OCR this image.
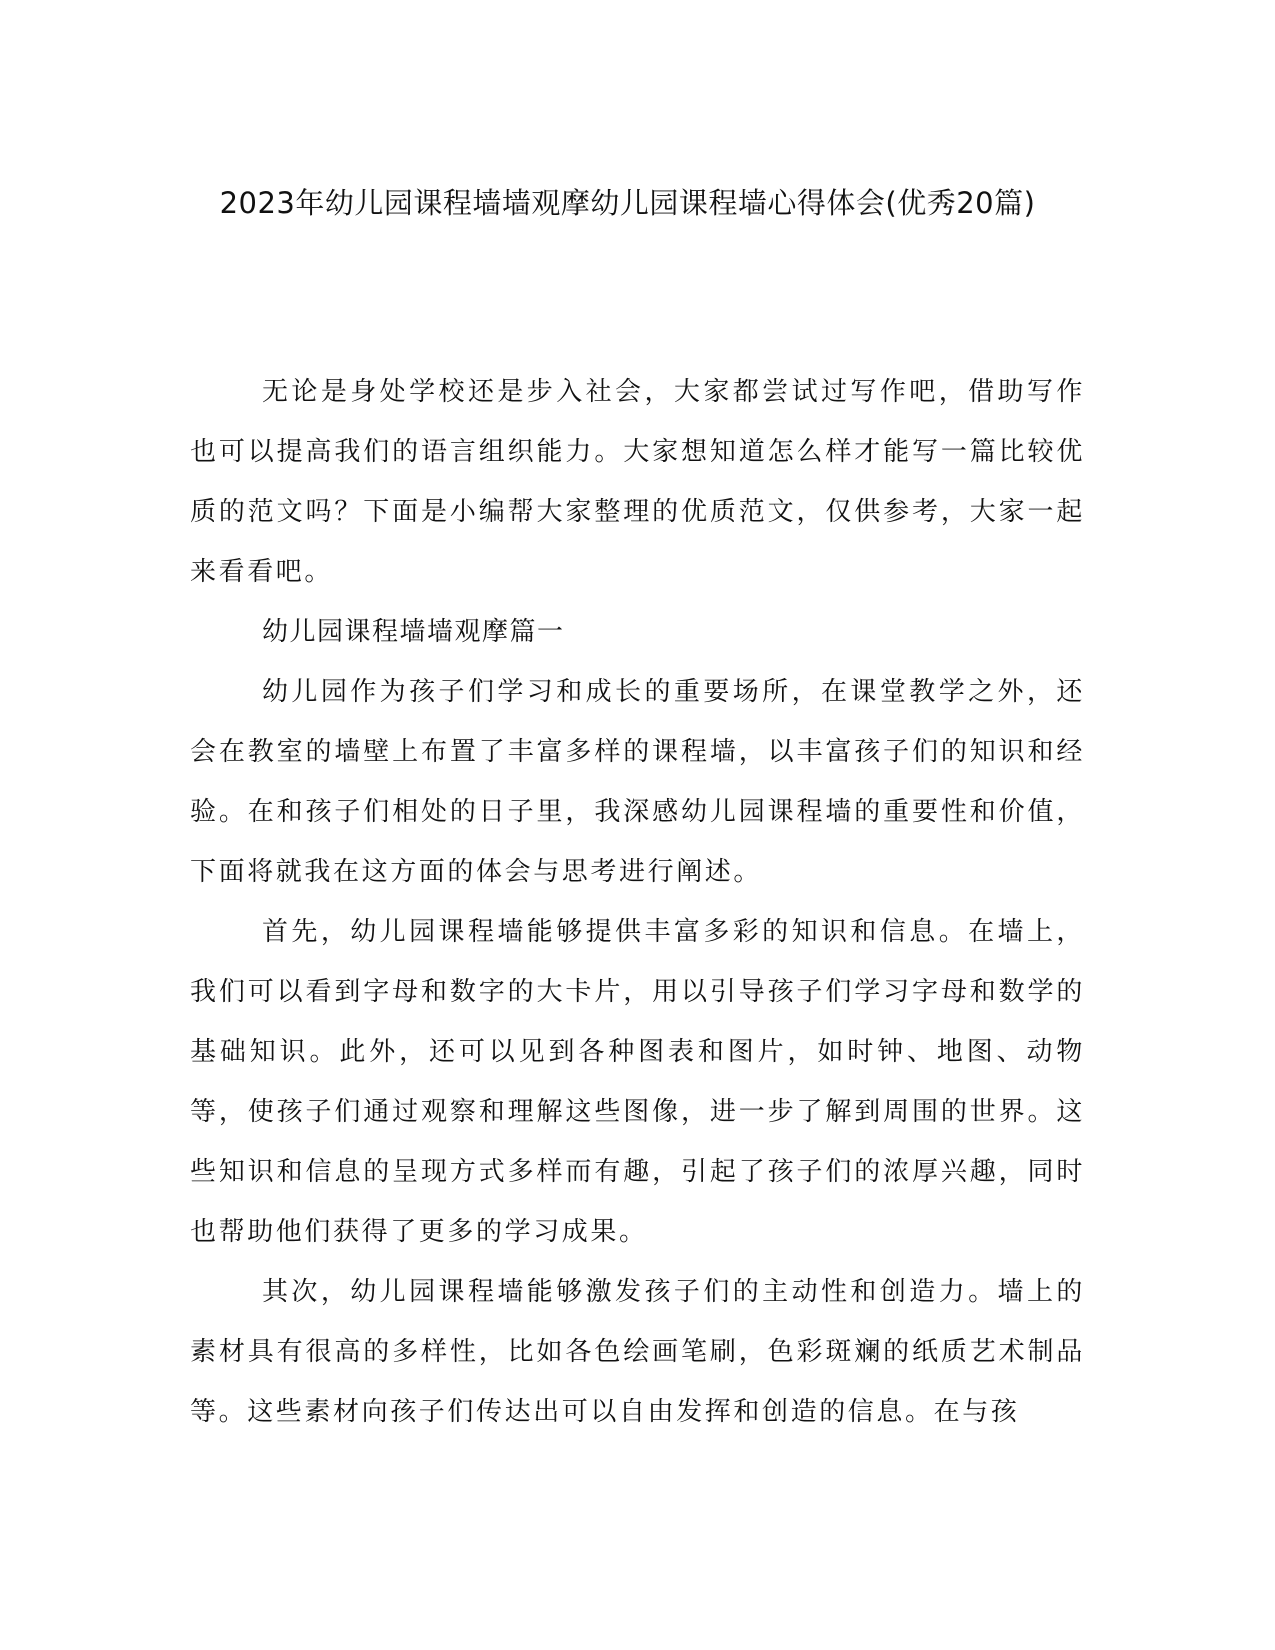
2023年幼儿园课程墙墙观摩幼儿园课程墙心得体会(优秀20篇)

无论是身处学校还是步入社会，大家都尝试过写作吧，借助写作也可以提高我们的语言组织能力。大家想知道怎么样才能写一篇比较优质的范文吗？下面是小编帮大家整理的优质范文，仅供参考，大家一起来看看吧。

幼儿园课程墙墙观摩篇一

幼儿园作为孩子们学习和成长的重要场所，在课堂教学之外，还会在教室的墙壁上布置了丰富多样的课程墙，以丰富孩子们的知识和经验。在和孩子们相处的日子里，我深感幼儿园课程墙的重要性和价值，下面将就我在这方面的体会与思考进行阐述。

首先，幼儿园课程墙能够提供丰富多彩的知识和信息。在墙上，我们可以看到字母和数字的大卡片，用以引导孩子们学习字母和数学的基础知识。此外，还可以见到各种图表和图片，如时钟、地图、动物等，使孩子们通过观察和理解这些图像，进一步了解到周围的世界。这些知识和信息的呈现方式多样而有趣，引起了孩子们的浓厚兴趣，同时也帮助他们获得了更多的学习成果。

其次，幼儿园课程墙能够激发孩子们的主动性和创造力。墙上的素材具有很高的多样性，比如各色绘画笔刷，色彩斑斓的纸质艺术制品等。这些素材向孩子们传达出可以自由发挥和创造的信息。在与孩
